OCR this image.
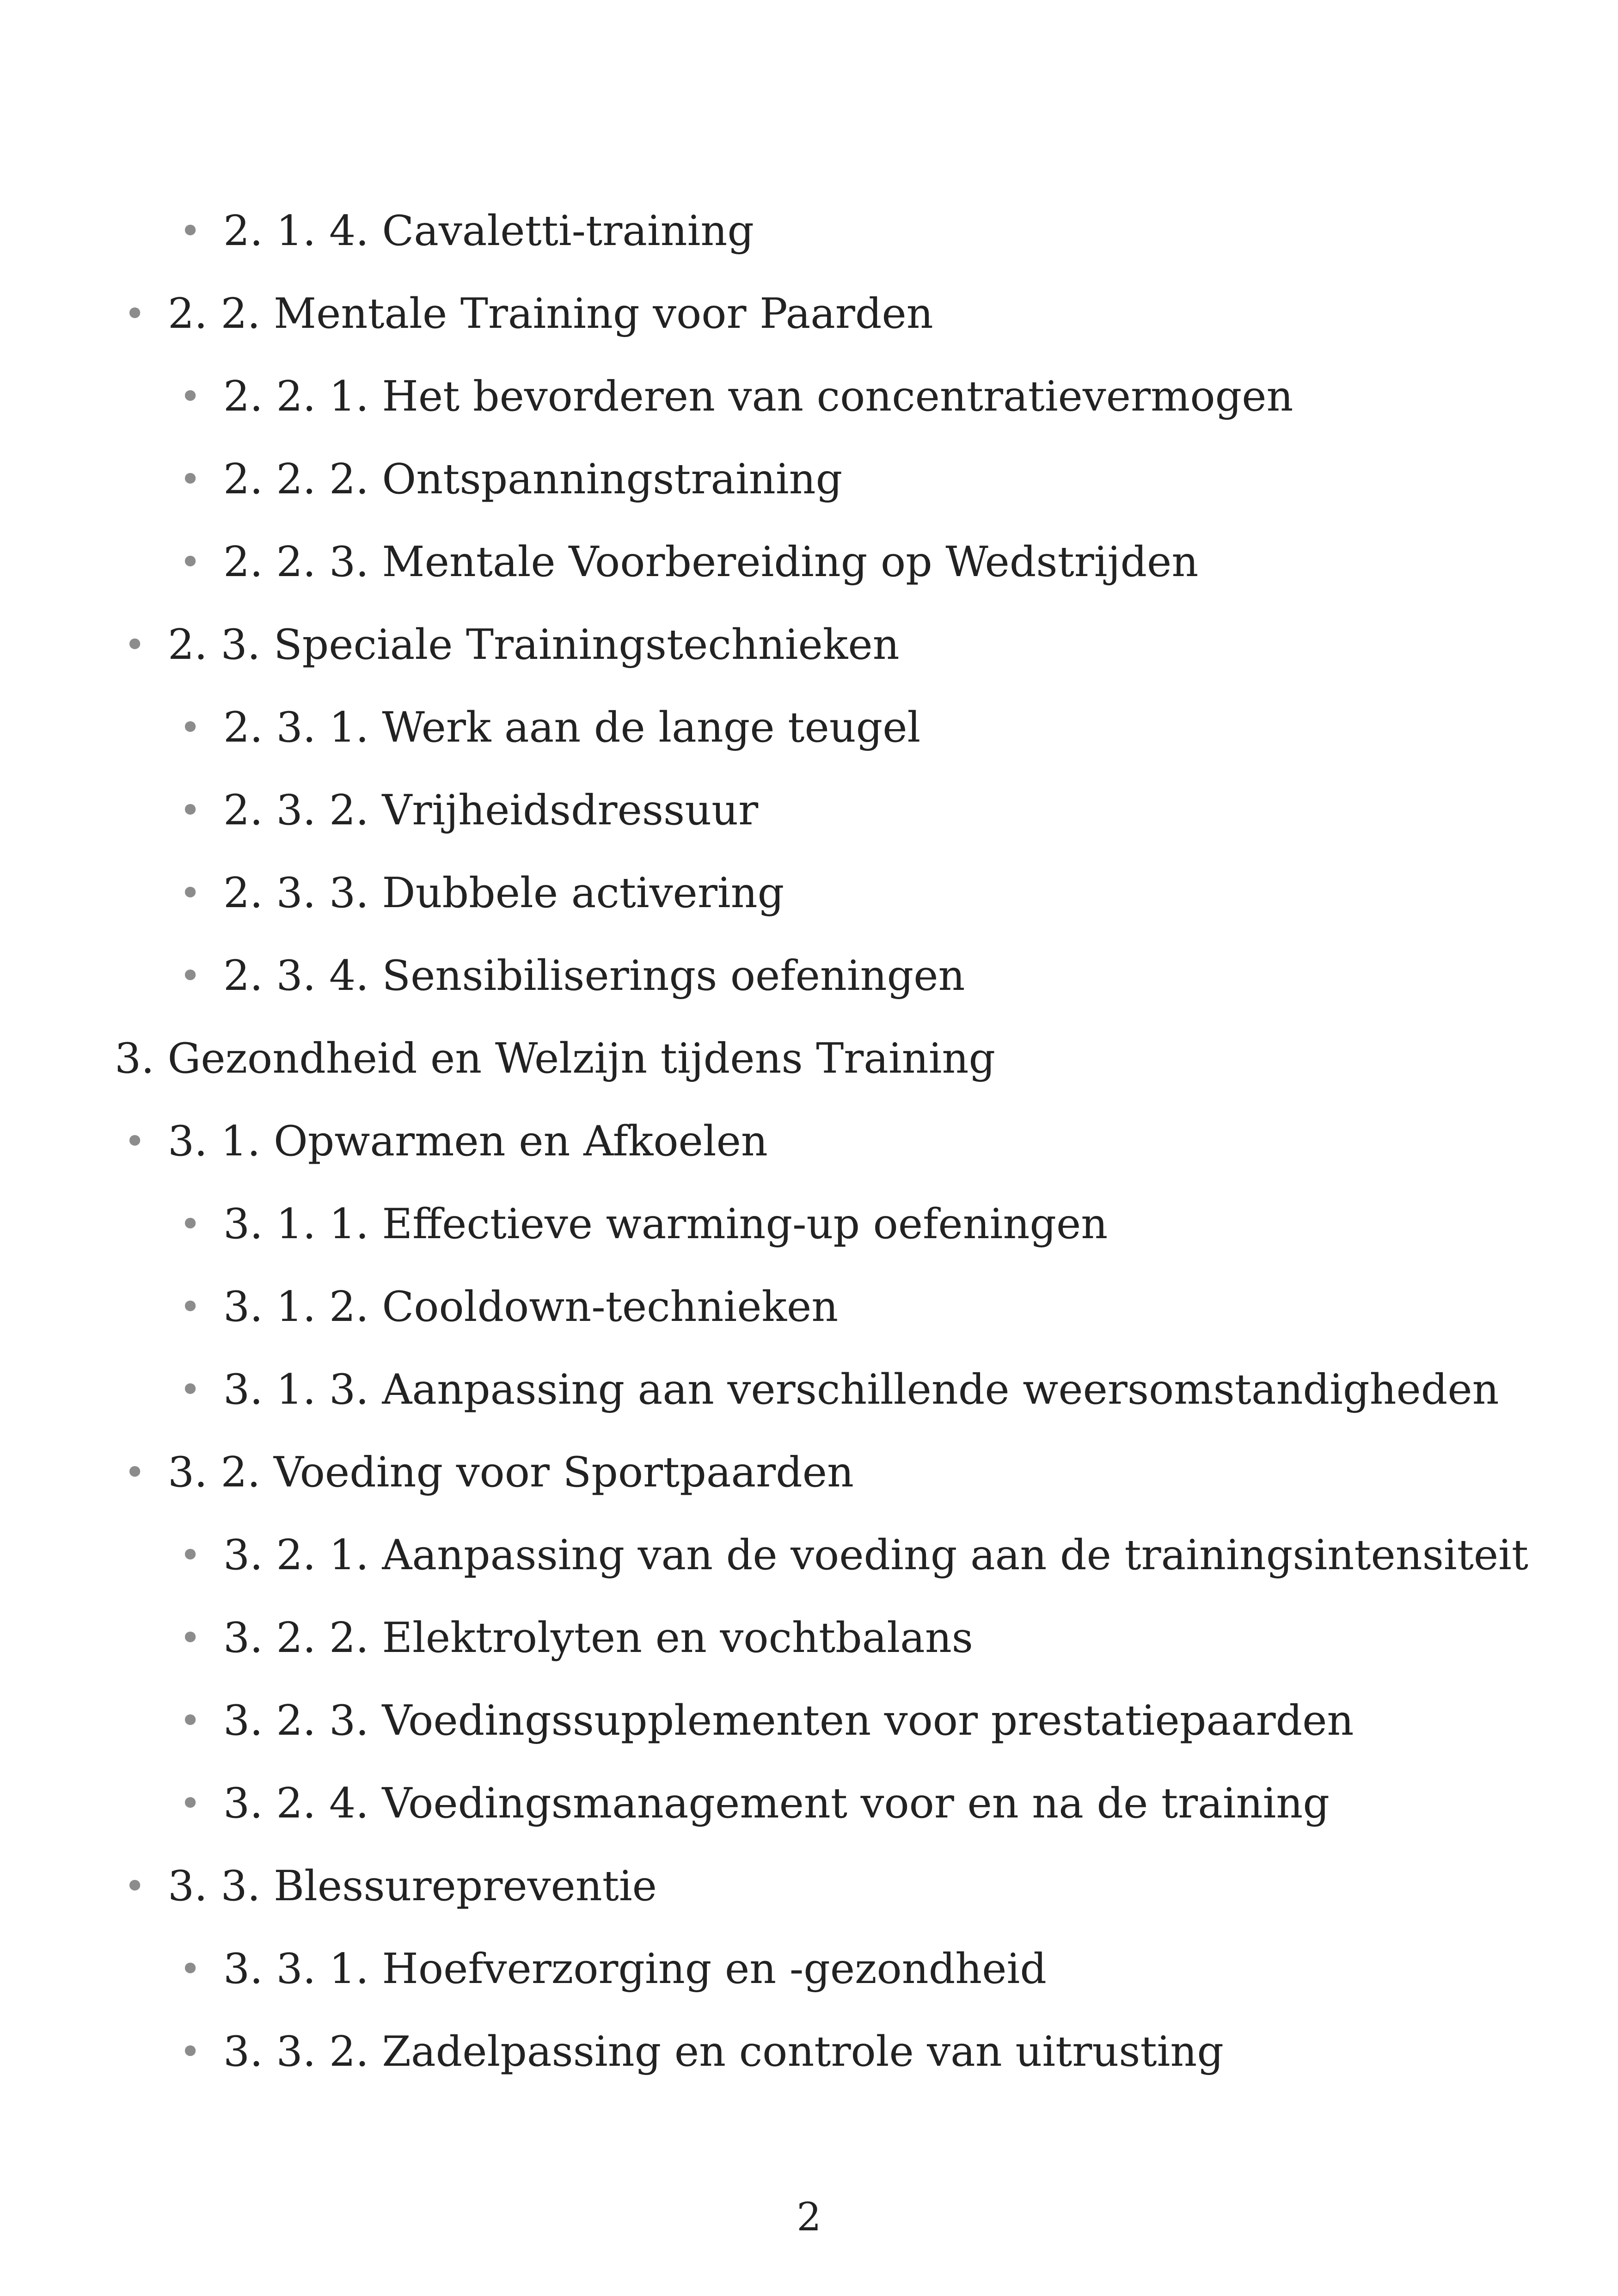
• 2. 1. 4. Cavaletti-training
• 2. 2. Mentale Training voor Paarden
• 2. 2. 1. Het bevorderen van concentratievermogen
• 2. 2. 2. Ontspanningstraining
• 2. 2. 3. Mentale Voorbereiding op Wedstrijden
• 2. 3. Speciale Trainingstechnieken
• 2. 3. 1. Werk aan de lange teugel
• 2. 3. 2. Vrijheidsdressuur
• 2. 3. 3. Dubbele activering
• 2. 3. 4. Sensibiliserings oefeningen
3. Gezondheid en Welzijn tijdens Training
• 3. 1. Opwarmen en Afkoelen
• 3. 1. 1. Effectieve warming-up oefeningen
• 3. 1. 2. Cooldown-technieken
• 3. 1. 3. Aanpassing aan verschillende weersomstandigheden
• 3. 2. Voeding voor Sportpaarden
• 3. 2. 1. Aanpassing van de voeding aan de trainingsintensiteit
• 3. 2. 2. Elektrolyten en vochtbalans
• 3. 2. 3. Voedingssupplementen voor prestatiepaarden
• 3. 2. 4. Voedingsmanagement voor en na de training
• 3. 3. Blessurepreventie
• 3. 3. 1. Hoefverzorging en -gezondheid
• 3. 3. 2. Zadelpassing en controle van uitrusting
2
